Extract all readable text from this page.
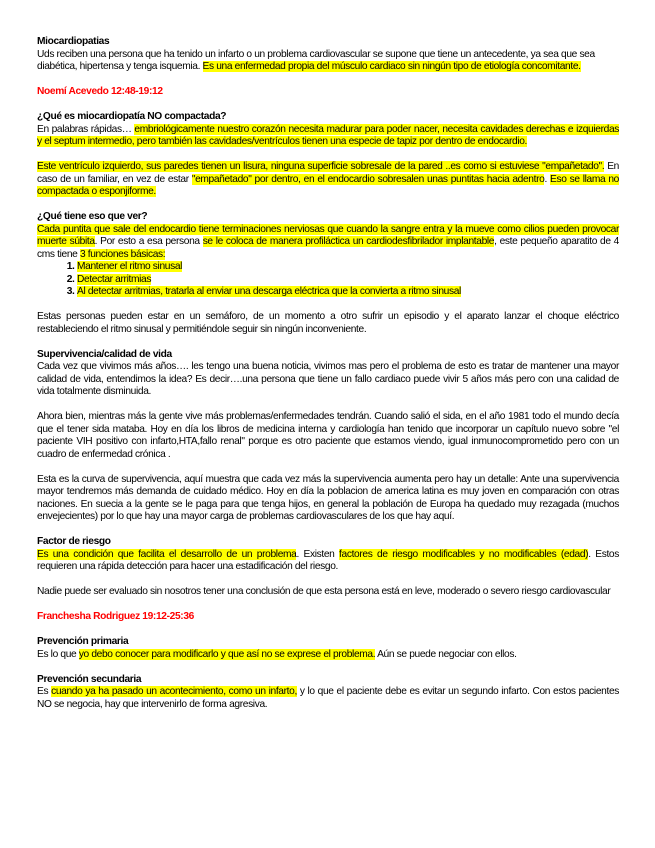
Miocardiopatias

Uds reciben una persona que ha tenido un infarto o un problema cardiovascular se supone que tiene un antecedente, ya sea que sea diabética, hipertensa y tenga isquemia. Es una enfermedad propia del músculo cardiaco sin ningún tipo de etiología concomitante.

Noemí Acevedo 12:48-19:12

¿Qué es miocardiopatía NO compactada?

En palabras rápidas… embriológicamente nuestro corazón necesita madurar para poder nacer, necesita cavidades derechas e izquierdas y el septum intermedio, pero también las cavidades/ventrículos tienen una especie de tapiz por dentro de endocardio.

Este ventrículo izquierdo, sus paredes tienen un lisura, ninguna superficie sobresale de la pared ..es como si estuviese "empañetado". En caso de un familiar, en vez de estar "empañetado" por dentro, en el endocardio sobresalen unas puntitas hacia adentro. Eso se llama no compactada o esponjiforme.

¿Qué tiene eso que ver?

Cada puntita que sale del endocardio tiene terminaciones nerviosas que cuando la sangre entra y la mueve como cilios pueden provocar muerte súbita. Por esto a esa persona se le coloca de manera profiláctica un cardiodesfibrilador implantable, este pequeño aparatito de 4 cms tiene 3 funciones básicas:

1. Mantener el ritmo sinusal
2. Detectar arritmias
3. Al detectar arritmias, tratarla al enviar una descarga eléctrica que la convierta a ritmo sinusal

Estas personas pueden estar en un semáforo, de un momento a otro sufrir un episodio y el aparato lanzar el choque eléctrico restableciendo el ritmo sinusal y permitiéndole seguir sin ningún inconveniente.

Supervivencia/calidad de vida

Cada vez que vivimos más años…. les tengo una buena noticia, vivimos mas pero el problema de esto es tratar de mantener una mayor calidad de vida, entendimos la idea? Es decir….una persona que tiene un fallo cardiaco puede vivir 5 años más pero con una calidad de vida totalmente disminuida.

Ahora bien, mientras más la gente vive más problemas/enfermedades tendrán. Cuando salió el sida, en el año 1981 todo el mundo decía que el tener sida mataba. Hoy en día los libros de medicina interna y cardiología han tenido que incorporar un capítulo nuevo sobre "el paciente VIH positivo con infarto,HTA,fallo renal" porque es otro paciente que estamos viendo, igual inmunocomprometido pero con un cuadro de enfermedad crónica .

Esta es la curva de supervivencia, aquí muestra que cada vez más la supervivencia aumenta pero hay un detalle: Ante una supervivencia mayor tendremos más demanda de cuidado médico. Hoy en día la poblacion de america latina es muy joven en comparación con otras naciones. En suecia a la gente se le paga para que tenga hijos, en general la población de Europa ha quedado muy rezagada (muchos envejecientes) por lo que hay una mayor carga de problemas cardiovasculares de los que hay aquí.

Factor de riesgo

Es una condición que facilita el desarrollo de un problema. Existen factores de riesgo modificables y no modificables (edad). Estos requieren una rápida detección para hacer una estadificación del riesgo.

Nadie puede ser evaluado sin nosotros tener una conclusión de que esta persona está en leve, moderado o severo riesgo cardiovascular

Franchesha Rodriguez 19:12-25:36

Prevención primaria

Es lo que yo debo conocer para modificarlo y que así no se exprese el problema. Aún se puede negociar con ellos.

Prevención secundaria

Es cuando ya ha pasado un acontecimiento, como un infarto, y lo que el paciente debe es evitar un segundo infarto. Con estos pacientes NO se negocia, hay que intervenirlo de forma agresiva.
